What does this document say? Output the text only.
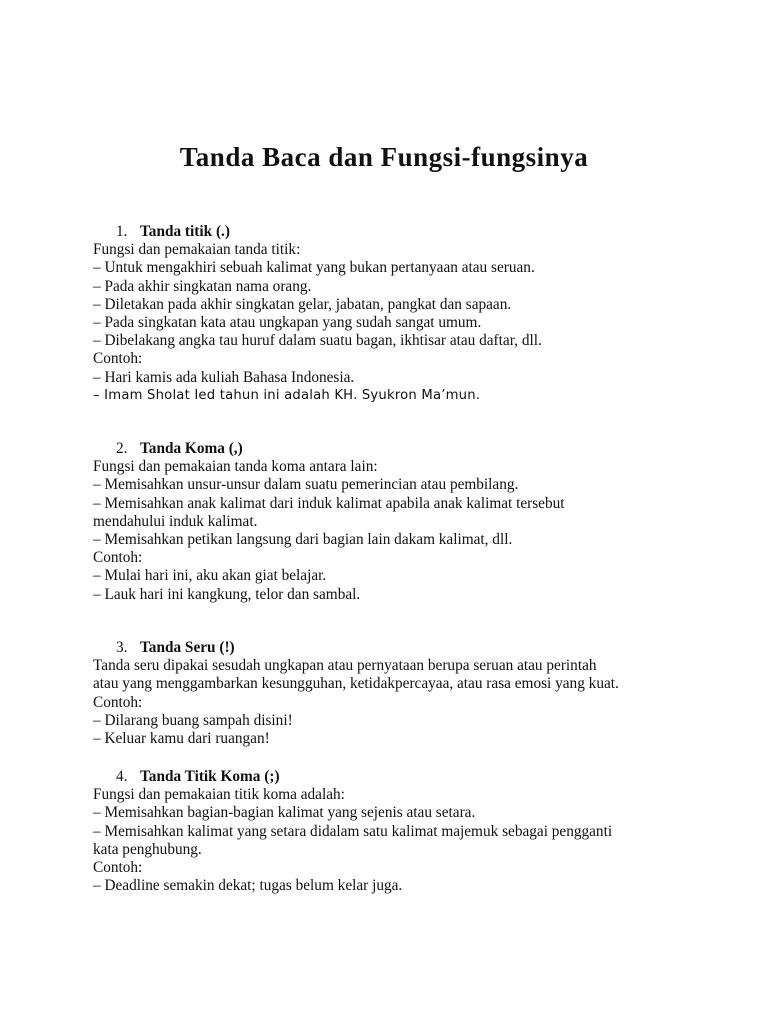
Tanda Baca dan Fungsi-fungsinya
1. Tanda titik (.)

Fungsi dan pemakaian tanda titik:

– Untuk mengakhiri sebuah kalimat yang bukan pertanyaan atau seruan.

– Pada akhir singkatan nama orang.

– Diletakan pada akhir singkatan gelar, jabatan, pangkat dan sapaan.

– Pada singkatan kata atau ungkapan yang sudah sangat umum.

– Dibelakang angka tau huruf dalam suatu bagan, ikhtisar atau daftar, dll.

Contoh:

– Hari kamis ada kuliah Bahasa Indonesia.

– Imam Sholat Ied tahun ini adalah KH. Syukron Ma’mun.

2. Tanda Koma (,)

Fungsi dan pemakaian tanda koma antara lain:

– Memisahkan unsur-unsur dalam suatu pemerincian atau pembilang.

– Memisahkan anak kalimat dari induk kalimat apabila anak kalimat tersebut

mendahului induk kalimat.

– Memisahkan petikan langsung dari bagian lain dakam kalimat, dll.

Contoh:

– Mulai hari ini, aku akan giat belajar.

– Lauk hari ini kangkung, telor dan sambal.

3. Tanda Seru (!)

Tanda seru dipakai sesudah ungkapan atau pernyataan berupa seruan atau perintah

atau yang menggambarkan kesungguhan, ketidakpercayaa, atau rasa emosi yang kuat.

Contoh:

– Dilarang buang sampah disini!

– Keluar kamu dari ruangan!

4. Tanda Titik Koma (;)

Fungsi dan pemakaian titik koma adalah:

– Memisahkan bagian-bagian kalimat yang sejenis atau setara.

– Memisahkan kalimat yang setara didalam satu kalimat majemuk sebagai pengganti

kata penghubung.

Contoh:

– Deadline semakin dekat; tugas belum kelar juga.
